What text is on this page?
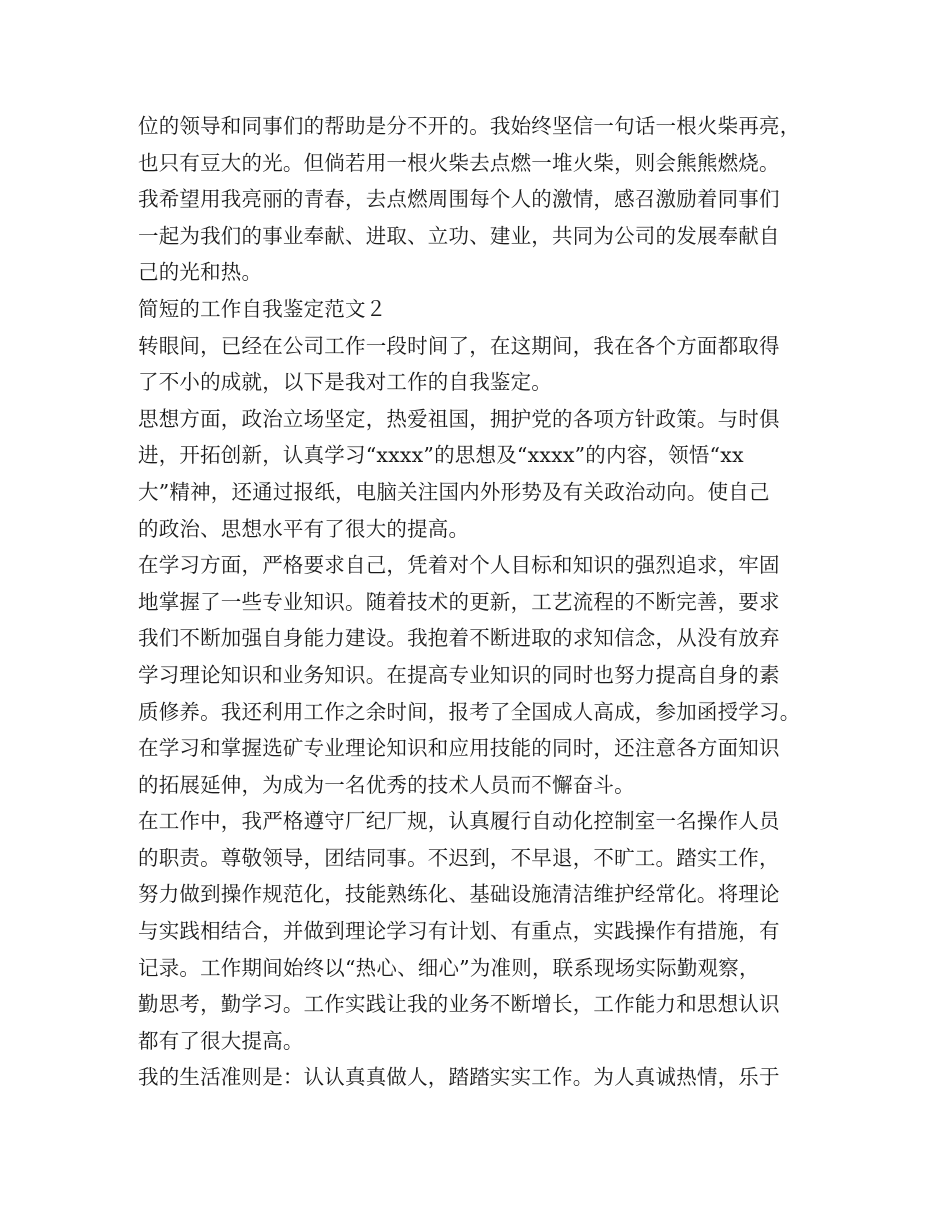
位的领导和同事们的帮助是分不开的。我始终坚信一句话一根火柴再亮，
也只有豆大的光。但倘若用一根火柴去点燃一堆火柴，则会熊熊燃烧。
我希望用我亮丽的青春，去点燃周围每个人的激情，感召激励着同事们
一起为我们的事业奉献、进取、立功、建业，共同为公司的发展奉献自
己的光和热。
简短的工作自我鉴定范文２
转眼间，已经在公司工作一段时间了，在这期间，我在各个方面都取得
了不小的成就，以下是我对工作的自我鉴定。
思想方面，政治立场坚定，热爱祖国，拥护党的各项方针政策。与时俱
进，开拓创新，认真学习“xxxx”的思想及“xxxx”的内容，领悟“xx
大”精神，还通过报纸，电脑关注国内外形势及有关政治动向。使自己
的政治、思想水平有了很大的提高。
在学习方面，严格要求自己，凭着对个人目标和知识的强烈追求，牢固
地掌握了一些专业知识。随着技术的更新，工艺流程的不断完善，要求
我们不断加强自身能力建设。我抱着不断进取的求知信念，从没有放弃
学习理论知识和业务知识。在提高专业知识的同时也努力提高自身的素
质修养。我还利用工作之余时间，报考了全国成人高成，参加函授学习。
在学习和掌握选矿专业理论知识和应用技能的同时，还注意各方面知识
的拓展延伸，为成为一名优秀的技术人员而不懈奋斗。
在工作中，我严格遵守厂纪厂规，认真履行自动化控制室一名操作人员
的职责。尊敬领导，团结同事。不迟到，不早退，不旷工。踏实工作，
努力做到操作规范化，技能熟练化、基础设施清洁维护经常化。将理论
与实践相结合，并做到理论学习有计划、有重点，实践操作有措施，有
记录。工作期间始终以“热心、细心”为准则，联系现场实际勤观察，
勤思考，勤学习。工作实践让我的业务不断增长，工作能力和思想认识
都有了很大提高。
我的生活准则是：认认真真做人，踏踏实实工作。为人真诚热情，乐于
